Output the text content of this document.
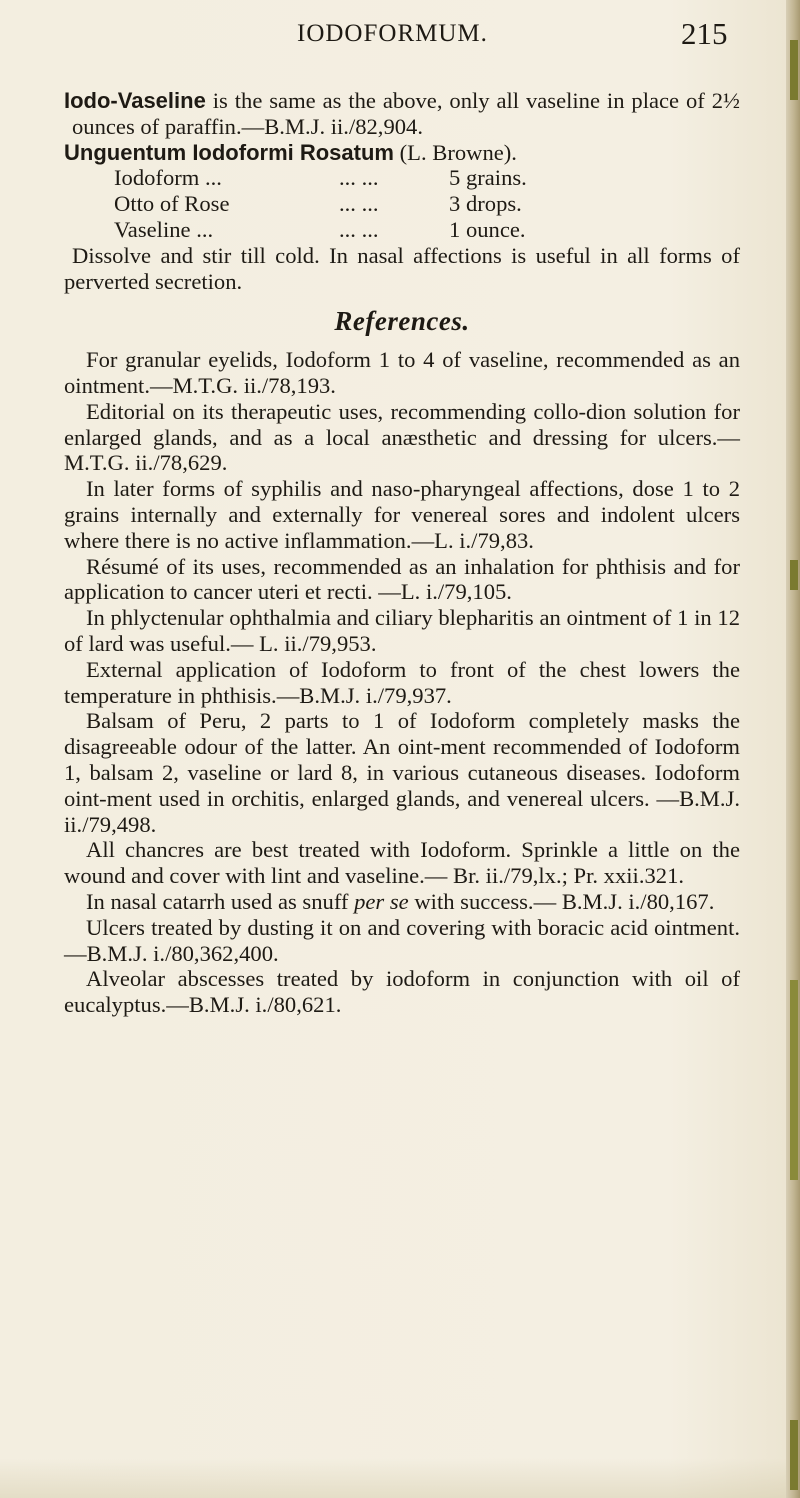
IODOFORMUM.	215

Iodo-Vaseline is the same as the above, only all vaseline in place of 2½ ounces of paraffin.—B.M.J. ii./82,904.

Unguentum Iodoformi Rosatum (L. Browne).

Iodoform ...	... ...	5 grains.
Otto of Rose	... ...	3 drops.
Vaseline ...	... ...	1 ounce.

Dissolve and stir till cold. In nasal affections is useful in all forms of perverted secretion.

References.

For granular eyelids, Iodoform 1 to 4 of vaseline, recommended as an ointment.—M.T.G. ii./78,193.

Editorial on its therapeutic uses, recommending collo-dion solution for enlarged glands, and as a local anæsthetic and dressing for ulcers.—M.T.G. ii./78,629.

In later forms of syphilis and naso-pharyngeal affections, dose 1 to 2 grains internally and externally for venereal sores and indolent ulcers where there is no active inflammation.—L. i./79,83.

Résumé of its uses, recommended as an inhalation for phthisis and for application to cancer uteri et recti. —L. i./79,105.

In phlyctenular ophthalmia and ciliary blepharitis an ointment of 1 in 12 of lard was useful.— L. ii./79,953.

External application of Iodoform to front of the chest lowers the temperature in phthisis.—B.M.J. i./79,937.

Balsam of Peru, 2 parts to 1 of Iodoform completely masks the disagreeable odour of the latter. An oint-ment recommended of Iodoform 1, balsam 2, vaseline or lard 8, in various cutaneous diseases. Iodoform oint-ment used in orchitis, enlarged glands, and venereal ulcers. —B.M.J. ii./79,498.

All chancres are best treated with Iodoform. Sprinkle a little on the wound and cover with lint and vaseline.— Br. ii./79,lx.; Pr. xxii.321.

In nasal catarrh used as snuff per se with success.— B.M.J. i./80,167.

Ulcers treated by dusting it on and covering with boracic acid ointment.—B.M.J. i./80,362,400.

Alveolar abscesses treated by iodoform in conjunction with oil of eucalyptus.—B.M.J. i./80,621.
